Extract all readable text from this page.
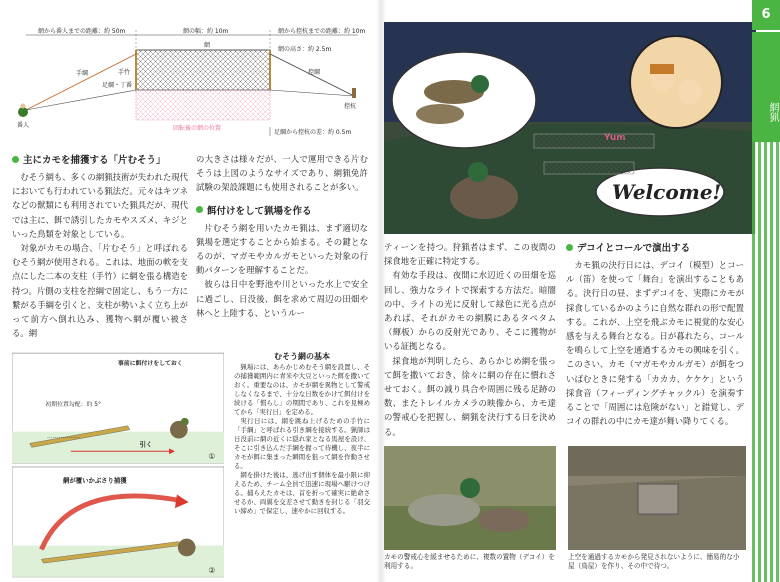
網から番人までの距離：約 50m	網の幅：約 10m	網から控杭までの距離：約 10m
網
網の高さ：約 2.5m
回転後の網の位置
番人
手綱	手竹
足綱・丁番
控綱
控杭
足綱から控杭の差：約 0.5m
主にカモを捕獲する「片むそう」

むそう網も、多くの網猟技術が失われた現代においても行われている猟法だ。元々はキツネなどの獣類にも利用されていた猟具だが、現代では主に、餌で誘引したカモやスズメ、キジといった鳥類を対象としている。

対象がカモの場合、「片むそう」と呼ばれるむそう網が使用される。これは、地面の軟を支点にした二本の支柱（手竹）に網を張る構造を持つ。片側の支柱を控綱で固定し、もう一方に繋がる手綱を引くと、支柱が勢いよく立ち上がって前方へ倒れ込み、獲物へ網が覆い被さる。網

の大きさは様々だが、一人で運用できる片むそうは上図のようなサイズであり、網猟免許試験の架設課題にも使用されることが多い。

餌付けをして猟場を作る

片むそう網を用いたカモ猟は、まず適切な猟場を選定することから始まる。その鍵となるのが、マガモやカルガモといった対象の行動パターンを理解することだ。

彼らは日中を野池や川といった水上で安全に過ごし、日没後、餌を求めて周辺の田畑や林へと上陸する、というルー

事前に餌付けをしておく
初期位置勾配：約 5°
引く
①
網が覆いかぶさり捕獲
②
むそう網の基本

猟場には、あらかじめむそう網を設置し、その捕獲範囲内に青米や大豆といった餌を撒いておく。重要なのは、カモが網を異物として警戒しなくなるまで、十分な日数をかけて餌付けを続ける「慣らし」の期間であり、これを見極めてから「実行日」を定める。

実行日には、網を跳ね上げるための手竹に「手綱」と呼ばれる引き綱を接続する。猟師は日没前に網の近くに隠れ家となる馬屋を設け、そこに引き込んだ手綱を握って待機し、夜半にカモが餌に集まった瞬間を狙って網を作動させる。

網を掛けた後は、逃げ出す個体を最小限に抑えるため、チーム全員で迅速に現場へ駆けつける。捕らえたカモは、首を折って確実に絶命させるか、両翼を交差させて動きを封じる「羽交い締め」で保定し、速やかに回収する。

Welcome!

ティーンを持つ。狩猟者はまず、この夜間の採食地を正確に特定する。

有効な手段は、夜間に水辺近くの田畑を巡回し、強力なライトで探索する方法だ。暗闇の中、ライトの光に反射して緑色に光る点があれば、それがカモの網膜にあるタペタム（輝板）からの反射光であり、そこに獲物がいる証拠となる。

採食地が判明したら、あらかじめ網を張って餌を撒いておき、徐々に網の存在に慣れさせておく。餌の減り具合や周囲に残る足跡の数、またトレイルカメラの映像から、カモ達の警戒心を把握し、網猟を決行する日を決める。

デコイとコールで演出する

カモ猟の決行日には、デコイ（模型）とコール（笛）を使って「舞台」を演出することもある。決行日の昼、まずデコイを、実際にカモが採食しているかのように自然な群れの形で配置する。これが、上空を飛ぶカモに視覚的な安心感を与える舞台となる。日が暮れたら、コールを鳴らして上空を通過するカモの興味を引く。このさい、カモ（マガモやカルガモ）が餌をついばむときに発する「カカカ、ケケケ」という採食音（フィーディングチャックル）を演奏することで「周囲には危険がない」と錯覚し、デコイの群れの中にカモ達が舞い降りてくる。

カモの警戒心を緩ませるために、複数の置物（デコイ）を利用する。
上空を通過するカモから発見されないように、簡易的な小屋（鳥屋）を作り、その中で待つ。
6
網猟
